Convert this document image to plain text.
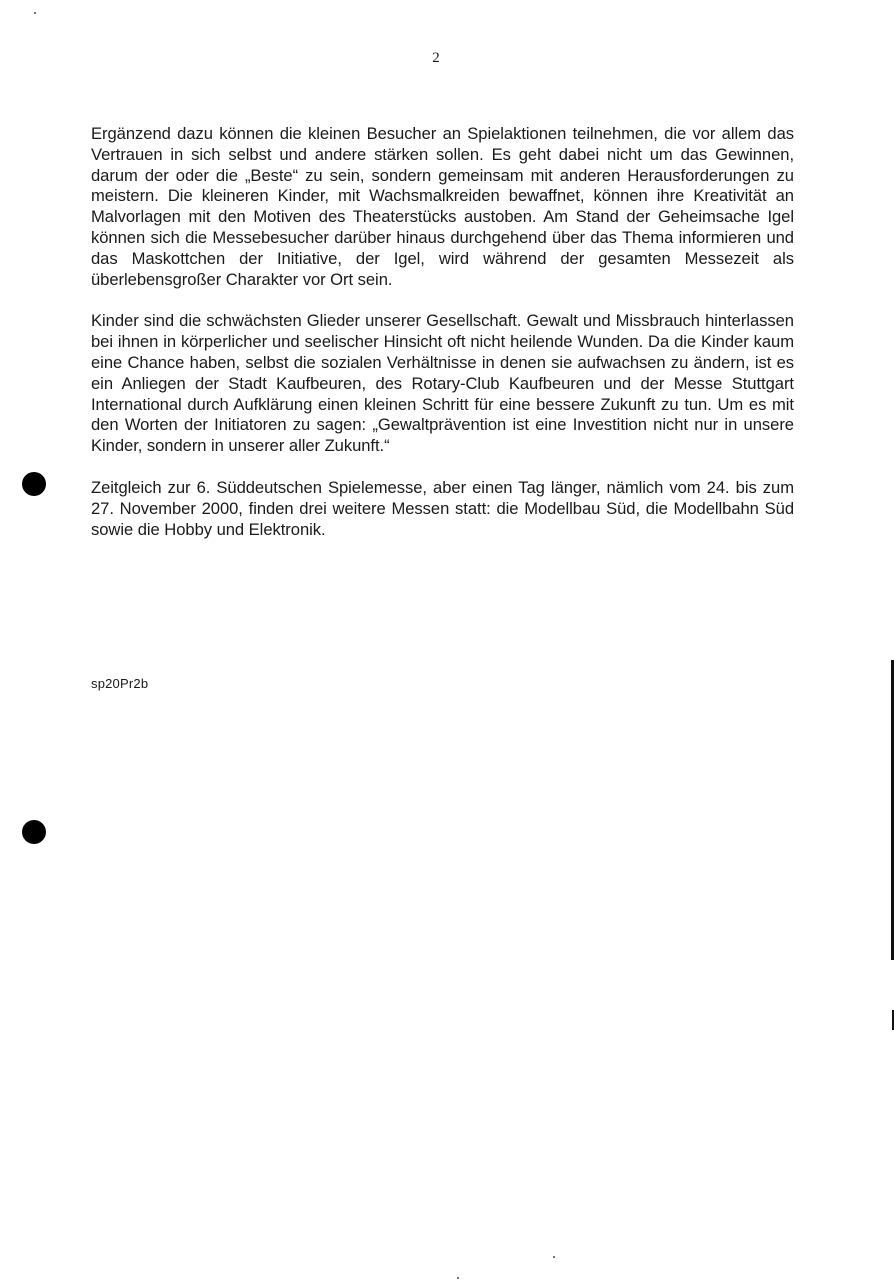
2

Ergänzend dazu können die kleinen Besucher an Spielaktionen teilnehmen, die vor allem das Vertrauen in sich selbst und andere stärken sollen. Es geht dabei nicht um das Gewinnen, darum der oder die „Beste“ zu sein, sondern gemeinsam mit anderen Herausforderungen zu meistern. Die kleineren Kinder, mit Wachsmalkreiden bewaffnet, können ihre Kreativität an Malvorlagen mit den Motiven des Theaterstücks austoben. Am Stand der Geheimsache Igel können sich die Messebesucher darüber hinaus durchgehend über das Thema informieren und das Maskottchen der Initiative, der Igel, wird während der gesamten Messezeit als überlebensgroßer Charakter vor Ort sein.

Kinder sind die schwächsten Glieder unserer Gesellschaft. Gewalt und Missbrauch hinterlassen bei ihnen in körperlicher und seelischer Hinsicht oft nicht heilende Wunden. Da die Kinder kaum eine Chance haben, selbst die sozialen Verhältnisse in denen sie aufwachsen zu ändern, ist es ein Anliegen der Stadt Kaufbeuren, des Rotary-Club Kaufbeuren und der Messe Stuttgart International durch Aufklärung einen kleinen Schritt für eine bessere Zukunft zu tun. Um es mit den Worten der Initiatoren zu sagen: „Gewaltprävention ist eine Investition nicht nur in unsere Kinder, sondern in unserer aller Zukunft.“

Zeitgleich zur 6. Süddeutschen Spielemesse, aber einen Tag länger, nämlich vom 24. bis zum 27. November 2000, finden drei weitere Messen statt: die Modellbau Süd, die Modellbahn Süd sowie die Hobby und Elektronik.

sp20Pr2b
